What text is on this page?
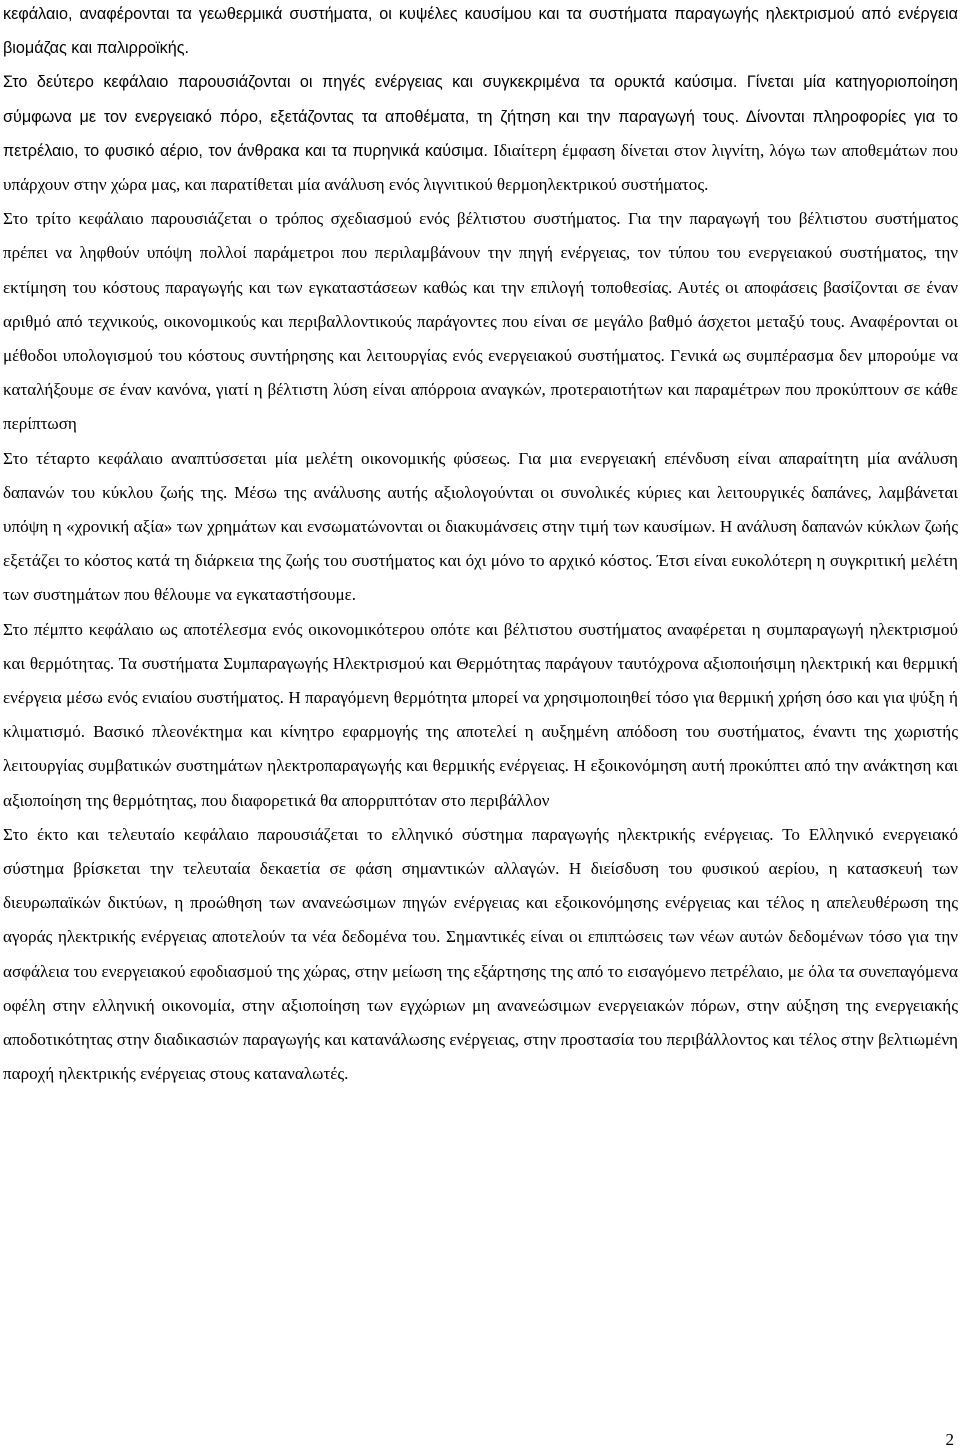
κεφάλαιο, αναφέρονται τα γεωθερμικά συστήματα, οι κυψέλες καυσίμου και τα συστήματα παραγωγής ηλεκτρισμού από ενέργεια βιομάζας και παλιρροϊκής.

Στο δεύτερο κεφάλαιο παρουσιάζονται οι πηγές ενέργειας και συγκεκριμένα τα ορυκτά καύσιμα. Γίνεται μία κατηγοριοποίηση σύμφωνα με τον ενεργειακό πόρο, εξετάζοντας τα αποθέματα, τη ζήτηση και την παραγωγή τους. Δίνονται πληροφορίες για το πετρέλαιο, το φυσικό αέριο, τον άνθρακα και τα πυρηνικά καύσιμα. Ιδιαίτερη έμφαση δίνεται στον λιγνίτη, λόγω των αποθεμάτων που υπάρχουν στην χώρα μας, και παρατίθεται μία ανάλυση ενός λιγνιτικού θερμοηλεκτρικού συστήματος.

Στο τρίτο κεφάλαιο παρουσιάζεται ο τρόπος σχεδιασμού ενός βέλτιστου συστήματος. Για την παραγωγή του βέλτιστου συστήματος πρέπει να ληφθούν υπόψη πολλοί παράμετροι που περιλαμβάνουν την πηγή ενέργειας, τον τύπου του ενεργειακού συστήματος, την εκτίμηση του κόστους παραγωγής και των εγκαταστάσεων καθώς και την επιλογή τοποθεσίας. Αυτές οι αποφάσεις βασίζονται σε έναν αριθμό από τεχνικούς, οικονομικούς και περιβαλλοντικούς παράγοντες που είναι σε μεγάλο βαθμό άσχετοι μεταξύ τους. Αναφέρονται οι μέθοδοι υπολογισμού του κόστους συντήρησης και λειτουργίας ενός ενεργειακού συστήματος. Γενικά ως συμπέρασμα δεν μπορούμε να καταλήξουμε σε έναν κανόνα, γιατί η βέλτιστη λύση είναι απόρροια αναγκών, προτεραιοτήτων και παραμέτρων που προκύπτουν σε κάθε περίπτωση

Στο τέταρτο κεφάλαιο αναπτύσσεται μία μελέτη οικονομικής φύσεως. Για μια ενεργειακή επένδυση είναι απαραίτητη μία ανάλυση δαπανών του κύκλου ζωής της. Μέσω της ανάλυσης αυτής αξιολογούνται οι συνολικές κύριες και λειτουργικές δαπάνες, λαμβάνεται υπόψη η «χρονική αξία» των χρημάτων και ενσωματώνονται οι διακυμάνσεις στην τιμή των καυσίμων. Η ανάλυση δαπανών κύκλων ζωής εξετάζει το κόστος κατά τη διάρκεια της ζωής του συστήματος και όχι μόνο το αρχικό κόστος. Έτσι είναι ευκολότερη η συγκριτική μελέτη των συστημάτων που θέλουμε να εγκαταστήσουμε.

Στο πέμπτο κεφάλαιο ως αποτέλεσμα ενός οικονομικότερου οπότε και βέλτιστου συστήματος αναφέρεται η συμπαραγωγή ηλεκτρισμού και θερμότητας. Τα συστήματα Συμπαραγωγής Ηλεκτρισμού και Θερμότητας παράγουν ταυτόχρονα αξιοποιήσιμη ηλεκτρική και θερμική ενέργεια μέσω ενός ενιαίου συστήματος. Η παραγόμενη θερμότητα μπορεί να χρησιμοποιηθεί τόσο για θερμική χρήση όσο και για ψύξη ή κλιματισμό. Βασικό πλεονέκτημα και κίνητρο εφαρμογής της αποτελεί η αυξημένη απόδοση του συστήματος, έναντι της χωριστής λειτουργίας συμβατικών συστημάτων ηλεκτροπαραγωγής και θερμικής ενέργειας. Η εξοικονόμηση αυτή προκύπτει από την ανάκτηση και αξιοποίηση της θερμότητας, που διαφορετικά θα απορριπτόταν στο περιβάλλον

Στο έκτο και τελευταίο κεφάλαιο παρουσιάζεται το ελληνικό σύστημα παραγωγής ηλεκτρικής ενέργειας. Το Ελληνικό ενεργειακό σύστημα βρίσκεται την τελευταία δεκαετία σε φάση σημαντικών αλλαγών. Η διείσδυση του φυσικού αερίου, η κατασκευή των διευρωπαϊκών δικτύων, η προώθηση των ανανεώσιμων πηγών ενέργειας και εξοικονόμησης ενέργειας και τέλος η απελευθέρωση της αγοράς ηλεκτρικής ενέργειας αποτελούν τα νέα δεδομένα του. Σημαντικές είναι οι επιπτώσεις των νέων αυτών δεδομένων τόσο για την ασφάλεια του ενεργειακού εφοδιασμού της χώρας, στην μείωση της εξάρτησης της από το εισαγόμενο πετρέλαιο, με όλα τα συνεπαγόμενα οφέλη στην ελληνική οικονομία, στην αξιοποίηση των εγχώριων μη ανανεώσιμων ενεργειακών πόρων, στην αύξηση της ενεργειακής αποδοτικότητας στην διαδικασιών παραγωγής και κατανάλωσης ενέργειας, στην προστασία του περιβάλλοντος και τέλος στην βελτιωμένη παροχή ηλεκτρικής ενέργειας στους καταναλωτές.

2
